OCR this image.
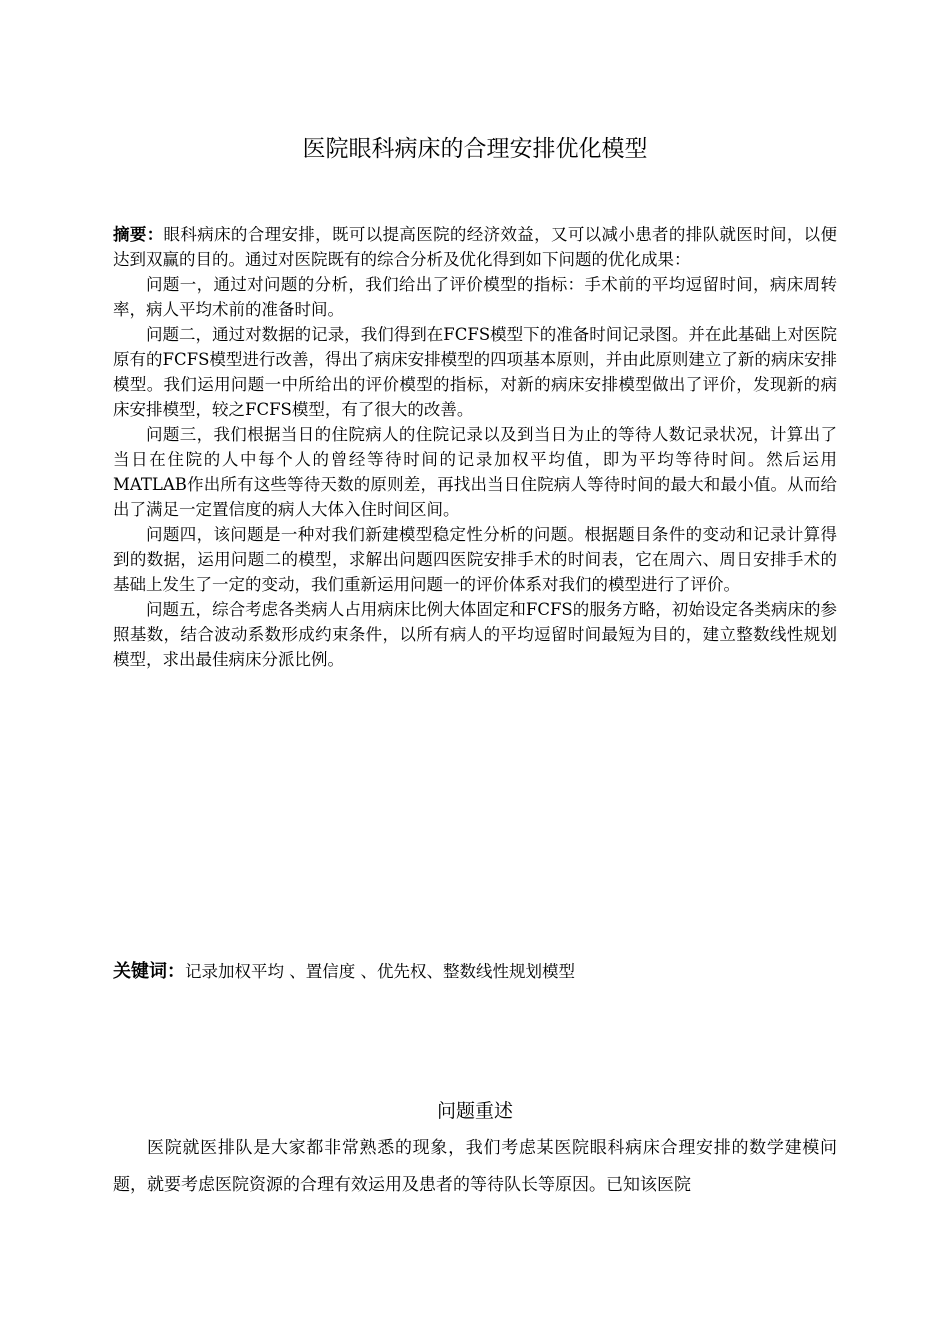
医院眼科病床的合理安排优化模型

摘要：眼科病床的合理安排，既可以提高医院的经济效益，又可以减小患者的排队就医时间，以便达到双赢的目的。通过对医院既有的综合分析及优化得到如下问题的优化成果：

问题一，通过对问题的分析，我们给出了评价模型的指标：手术前的平均逗留时间，病床周转率，病人平均术前的准备时间。

问题二，通过对数据的记录，我们得到在FCFS模型下的准备时间记录图。并在此基础上对医院原有的FCFS模型进行改善，得出了病床安排模型的四项基本原则，并由此原则建立了新的病床安排模型。我们运用问题一中所给出的评价模型的指标，对新的病床安排模型做出了评价，发现新的病床安排模型，较之FCFS模型，有了很大的改善。

问题三，我们根据当日的住院病人的住院记录以及到当日为止的等待人数记录状况，计算出了当日在住院的人中每个人的曾经等待时间的记录加权平均值，即为平均等待时间。然后运用MATLAB作出所有这些等待天数的原则差，再找出当日住院病人等待时间的最大和最小值。从而给出了满足一定置信度的病人大体入住时间区间。

问题四，该问题是一种对我们新建模型稳定性分析的问题。根据题目条件的变动和记录计算得到的数据，运用问题二的模型，求解出问题四医院安排手术的时间表，它在周六、周日安排手术的基础上发生了一定的变动，我们重新运用问题一的评价体系对我们的模型进行了评价。

问题五，综合考虑各类病人占用病床比例大体固定和FCFS的服务方略，初始设定各类病床的参照基数，结合波动系数形成约束条件，以所有病人的平均逗留时间最短为目的，建立整数线性规划模型，求出最佳病床分派比例。

关键词：记录加权平均 、置信度 、优先权、整数线性规划模型
问题重述

医院就医排队是大家都非常熟悉的现象，我们考虑某医院眼科病床合理安排的数学建模问题，就要考虑医院资源的合理有效运用及患者的等待队长等原因。已知该医院
